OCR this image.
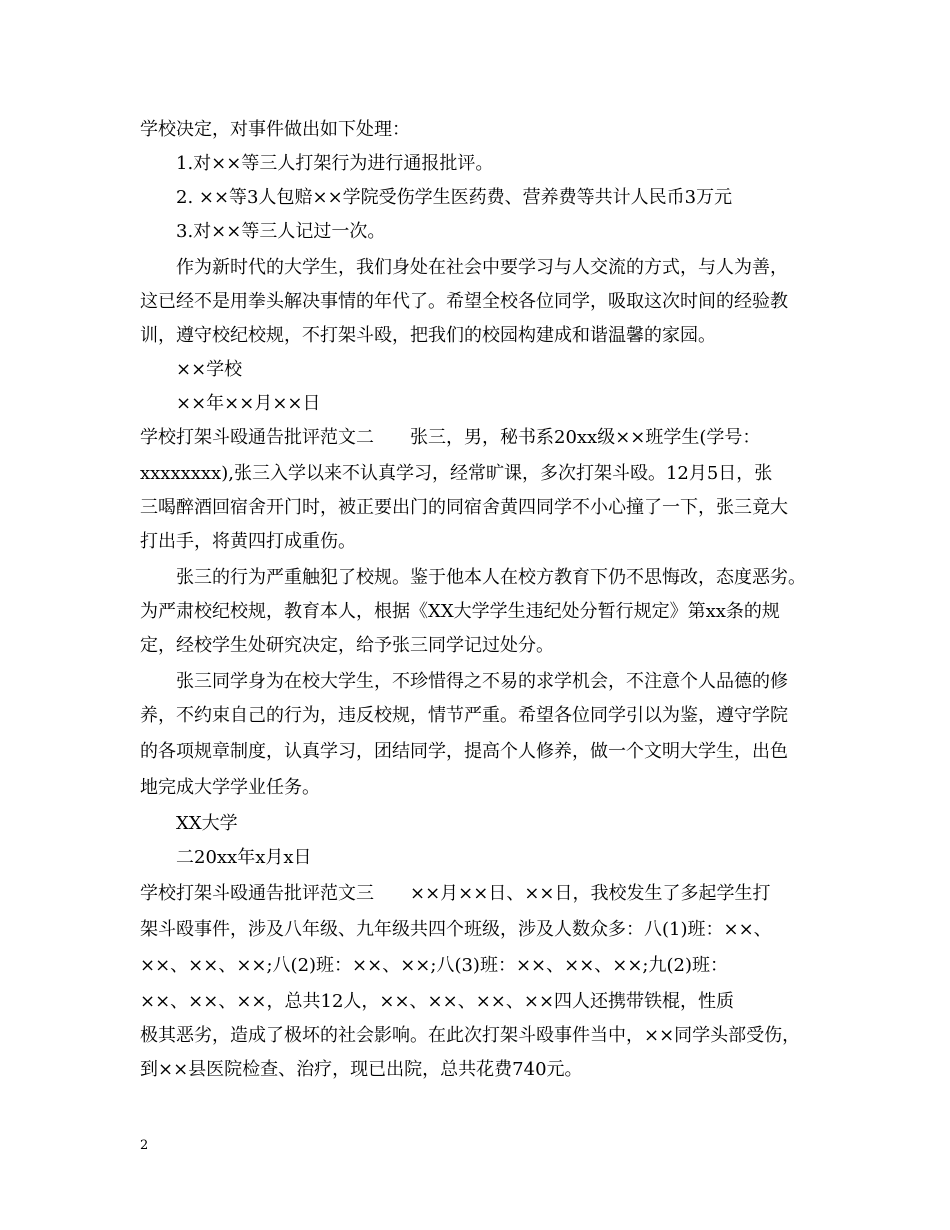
学校决定，对事件做出如下处理：
1.对××等三人打架行为进行通报批评。
2. ××等3人包赔××学院受伤学生医药费、营养费等共计人民币3万元
3.对××等三人记过一次。
作为新时代的大学生，我们身处在社会中要学习与人交流的方式，与人为善，
这已经不是用拳头解决事情的年代了。希望全校各位同学，吸取这次时间的经验教
训，遵守校纪校规，不打架斗殴，把我们的校园构建成和谐温馨的家园。
××学校
××年××月××日
学校打架斗殴通告批评范文二　　张三，男，秘书系20xx级××班学生(学号：
xxxxxxxx),张三入学以来不认真学习，经常旷课，多次打架斗殴。12月5日，张
三喝醉酒回宿舍开门时，被正要出门的同宿舍黄四同学不小心撞了一下，张三竟大
打出手，将黄四打成重伤。
张三的行为严重触犯了校规。鉴于他本人在校方教育下仍不思悔改，态度恶劣。
为严肃校纪校规，教育本人，根据《XX大学学生违纪处分暂行规定》第xx条的规
定，经校学生处研究决定，给予张三同学记过处分。
张三同学身为在校大学生，不珍惜得之不易的求学机会，不注意个人品德的修
养，不约束自己的行为，违反校规，情节严重。希望各位同学引以为鉴，遵守学院
的各项规章制度，认真学习，团结同学，提高个人修养，做一个文明大学生，出色
地完成大学学业任务。
XX大学
二20xx年x月x日
学校打架斗殴通告批评范文三　　××月××日、××日，我校发生了多起学生打
架斗殴事件，涉及八年级、九年级共四个班级，涉及人数众多：八(1)班：××、
××、××、××;八(2)班：××、××;八(3)班：××、××、××;九(2)班：
××、××、××，总共12人，××、××、××、××四人还携带铁棍，性质
极其恶劣，造成了极坏的社会影响。在此次打架斗殴事件当中，××同学头部受伤，
到××县医院检查、治疗，现已出院，总共花费740元。
2
